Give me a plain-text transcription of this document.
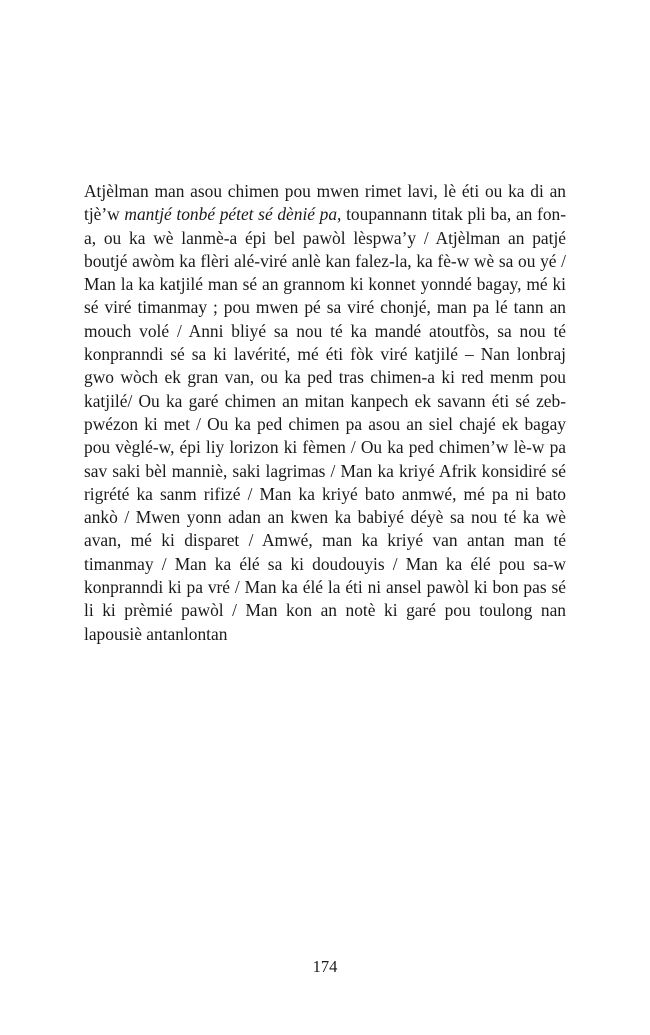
Atjèlman man asou chimen pou mwen rimet lavi, lè éti ou ka di an tjè’w mantjé tonbé pétet sé dènié pa, toupannann titak pli ba, an fon-a, ou ka wè lanmè-a épi bel pawòl lèspwa’y / Atjèlman an patjé boutjé awòm ka flèri alé-viré anlè kan falez-la, ka fè-w wè sa ou yé / Man la ka katjilé man sé an grannom ki konnet yonndé bagay, mé ki sé viré timanmay ; pou mwen pé sa viré chonjé, man pa lé tann an mouch volé / Anni bliyé sa nou té ka mandé atoutfòs, sa nou té konpranndi sé sa ki lavérité, mé éti fòk viré katjilé – Nan lonbraj gwo wòch ek gran van, ou ka ped tras chimen-a ki red menm pou katjilé/ Ou ka garé chimen an mitan kanpech ek savann éti sé zeb-pwézon ki met / Ou ka ped chimen pa asou an siel chajé ek bagay pou vèglé-w, épi liy lorizon ki fèmen / Ou ka ped chimen’w lè-w pa sav saki bèl manniè, saki lagrimas / Man ka kriyé Afrik konsidiré sé rigrété ka sanm rifizé / Man ka kriyé bato anmwé, mé pa ni bato ankò / Mwen yonn adan an kwen ka babiyé déyè sa nou té ka wè avan, mé ki disparet / Amwé, man ka kriyé van antan man té timanmay / Man ka élé sa ki doudouyis / Man ka élé pou sa-w konpranndi ki pa vré / Man ka élé la éti ni ansel pawòl ki bon pas sé li ki prèmié pawòl / Man kon an notè ki garé pou toulong nan lapousiè antanlontan

174
